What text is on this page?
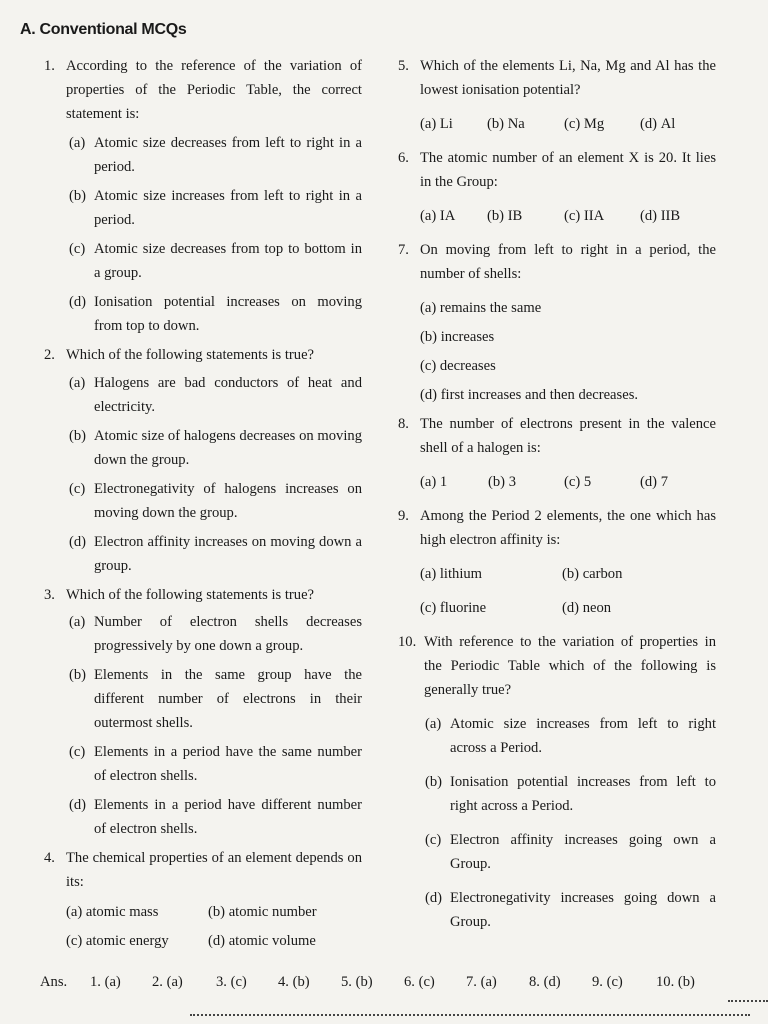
A. Conventional MCQs
1. According to the reference of the variation of properties of the Periodic Table, the correct statement is:
(a) Atomic size decreases from left to right in a period.
(b) Atomic size increases from left to right in a period.
(c) Atomic size decreases from top to bottom in a group.
(d) Ionisation potential increases on moving from top to down.
2. Which of the following statements is true?
(a) Halogens are bad conductors of heat and electricity.
(b) Atomic size of halogens decreases on moving down the group.
(c) Electronegativity of halogens increases on moving down the group.
(d) Electron affinity increases on moving down a group.
3. Which of the following statements is true?
(a) Number of electron shells decreases progressively by one down a group.
(b) Elements in the same group have the different number of electrons in their outermost shells.
(c) Elements in a period have the same number of electron shells.
(d) Elements in a period have different number of electron shells.
4. The chemical properties of an element depends on its:
(a) atomic mass	(b) atomic number
(c) atomic energy	(d) atomic volume
5. Which of the elements Li, Na, Mg and Al has the lowest ionisation potential?
(a) Li	(b) Na	(c) Mg	(d) Al
6. The atomic number of an element X is 20. It lies in the Group:
(a) IA	(b) IB	(c) IIA	(d) IIB
7. On moving from left to right in a period, the number of shells:
(a) remains the same
(b) increases
(c) decreases
(d) first increases and then decreases.
8. The number of electrons present in the valence shell of a halogen is:
(a) 1	(b) 3	(c) 5	(d) 7
9. Among the Period 2 elements, the one which has high electron affinity is:
(a) lithium	(b) carbon
(c) fluorine	(d) neon
10. With reference to the variation of properties in the Periodic Table which of the following is generally true?
(a) Atomic size increases from left to right across a Period.
(b) Ionisation potential increases from left to right across a Period.
(c) Electron affinity increases going own a Group.
(d) Electronegativity increases going down a Group.
Ans.	1. (a)	2. (a)	3. (c)	4. (b)	5. (b)	6. (c)	7. (a)	8. (d)	9. (c)	10. (b)
